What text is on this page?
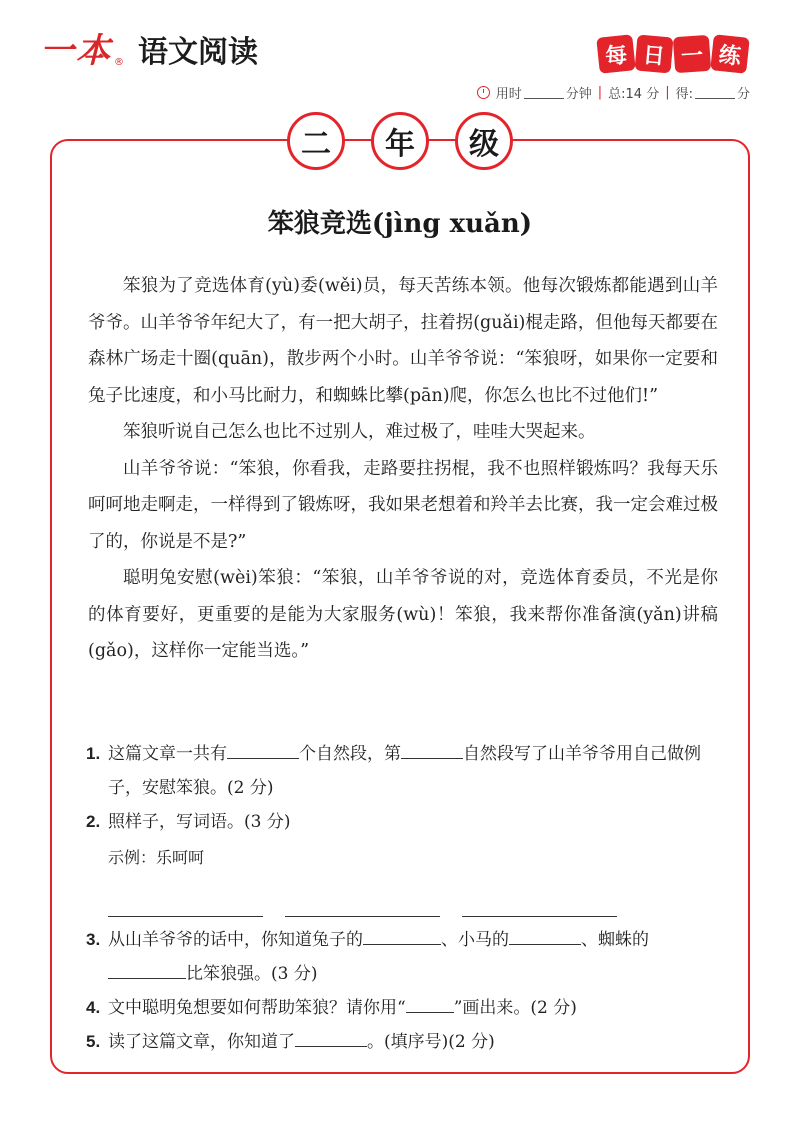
一本 ® 语文阅读	每 日 一 练
用时	分钟 | 总:14 分 | 得:	分
二	年	级
笨狼竞选(jìng xuǎn)

笨狼为了竞选体育(yù)委(wěi)员，每天苦练本领。他每次锻炼都能遇到山羊爷爷。山羊爷爷年纪大了，有一把大胡子，拄着拐(guǎi)棍走路，但他每天都要在森林广场走十圈(quān)，散步两个小时。山羊爷爷说：“笨狼呀，如果你一定要和兔子比速度，和小马比耐力，和蜘蛛比攀(pān)爬，你怎么也比不过他们!”

笨狼听说自己怎么也比不过别人，难过极了，哇哇大哭起来。

山羊爷爷说：“笨狼，你看我，走路要拄拐棍，我不也照样锻炼吗？我每天乐呵呵地走啊走，一样得到了锻炼呀，我如果老想着和羚羊去比赛，我一定会难过极了的，你说是不是?”

聪明兔安慰(wèi)笨狼：“笨狼，山羊爷爷说的对，竞选体育委员，不光是你的体育要好，更重要的是能为大家服务(wù)！笨狼，我来帮你准备演(yǎn)讲稿(gǎo)，这样你一定能当选。”

1. 这篇文章一共有	个自然段，第	自然段写了山羊爷爷用自己做例子，安慰笨狼。(2 分)
2. 照样子，写词语。(3 分)
示例：乐呵呵
3. 从山羊爷爷的话中，你知道兔子的	、小马的	、蜘蛛的
比笨狼强。(3 分)
4. 文中聪明兔想要如何帮助笨狼？请你用“	”画出来。(2 分)
5. 读了这篇文章，你知道了	。(填序号)(2 分)
